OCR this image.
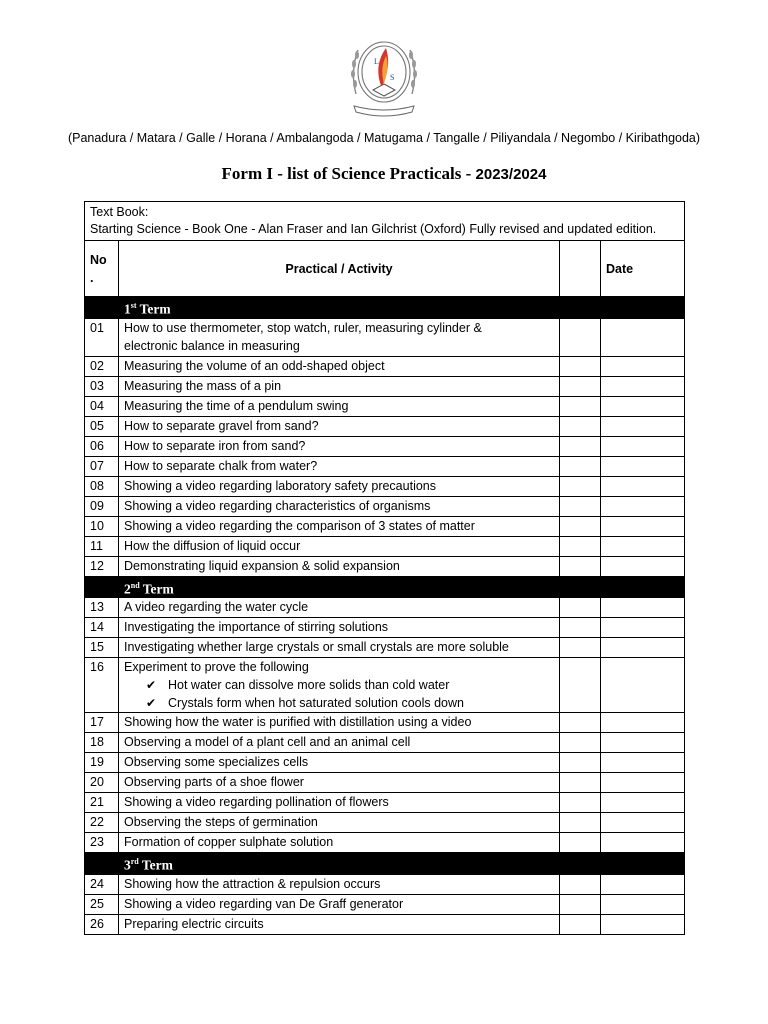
L
S
(Panadura / Matara / Galle / Horana / Ambalangoda / Matugama / Tangalle / Piliyandala / Negombo / Kiribathgoda)
Form I - list of Science Practicals - 2023/2024
Text Book:
Starting Science - Book One - Alan Fraser and Ian Gilchrist (Oxford) Fully revised and updated edition.			

No
.	Practical / Activity		Date
	1st Term		
01	How to use thermometer, stop watch, ruler, measuring cylinder &
electronic balance in measuring		

02	Measuring the volume of an odd-shaped object		

03	Measuring the mass of a pin		

04	Measuring the time of a pendulum swing		

05	How to separate gravel from sand?		

06	How to separate iron from sand?		

07	How to separate chalk from water?		

08	Showing a video regarding laboratory safety precautions		

09	Showing a video regarding characteristics of organisms		

10	Showing a video regarding the comparison of 3 states of matter		

11	How the diffusion of liquid occur		

12	Demonstrating liquid expansion & solid expansion		

	2nd Term		
13	A video regarding the water cycle		

14	Investigating the importance of stirring solutions		

15	Investigating whether large crystals or small crystals are more soluble		

16	Experiment to prove the following
✔ Hot water can dissolve more solids than cold water
✔ Crystals form when hot saturated solution cools down		

17	Showing how the water is purified with distillation using a video		

18	Observing a model of a plant cell and an animal cell		

19	Observing some specializes cells		

20	Observing parts of a shoe flower		

21	Showing a video regarding pollination of flowers		

22	Observing the steps of germination		

23	Formation of copper sulphate solution		

	3rd Term		
24	Showing how the attraction & repulsion occurs		

25	Showing a video regarding van De Graff generator		

26	Preparing electric circuits		
